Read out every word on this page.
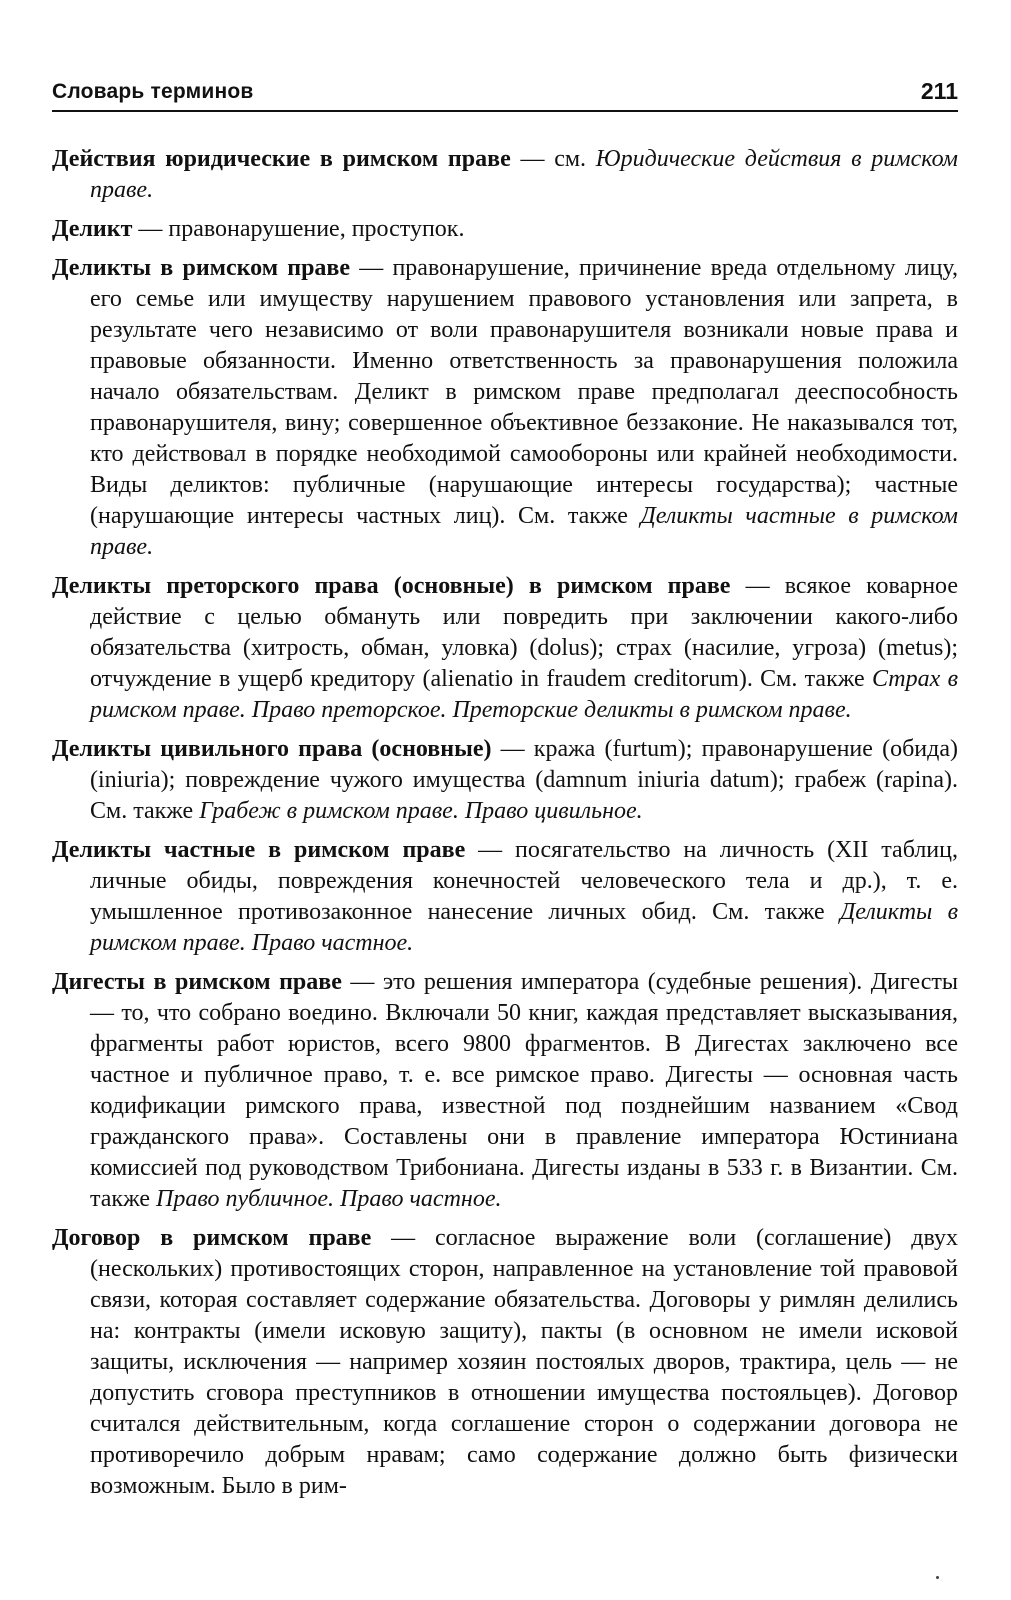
Словарь терминов	211

Действия юридические в римском праве — см. Юридические действия в римском праве.

Деликт — правонарушение, проступок.

Деликты в римском праве — правонарушение, причинение вреда отдельному лицу, его семье или имуществу нарушением правового установления или запрета, в результате чего независимо от воли правонарушителя возникали новые права и правовые обязанности. Именно ответственность за правонарушения положила начало обязательствам. Деликт в римском праве предполагал дееспособность правонарушителя, вину; совершенное объективное беззаконие. Не наказывался тот, кто действовал в порядке необходимой самообороны или крайней необходимости. Виды деликтов: публичные (нарушающие интересы государства); частные (нарушающие интересы частных лиц). См. также Деликты частные в римском праве.

Деликты преторского права (основные) в римском праве — всякое коварное действие с целью обмануть или повредить при заключении какого-либо обязательства (хитрость, обман, уловка) (dolus); страх (насилие, угроза) (metus); отчуждение в ущерб кредитору (alienatio in fraudem creditorum). См. также Страх в римском праве. Право преторское. Преторские деликты в римском праве.

Деликты цивильного права (основные) — кража (furtum); правонарушение (обида) (iniuria); повреждение чужого имущества (damnum iniuria datum); грабеж (rapina). См. также Грабеж в римском праве. Право цивильное.

Деликты частные в римском праве — посягательство на личность (XII таблиц, личные обиды, повреждения конечностей человеческого тела и др.), т. е. умышленное противозаконное нанесение личных обид. См. также Деликты в римском праве. Право частное.

Дигесты в римском праве — это решения императора (судебные решения). Дигесты — то, что собрано воедино. Включали 50 книг, каждая представляет высказывания, фрагменты работ юристов, всего 9800 фрагментов. В Дигестах заключено все частное и публичное право, т. е. все римское право. Дигесты — основная часть кодификации римского права, известной под позднейшим названием «Свод гражданского права». Составлены они в правление императора Юстиниана комиссией под руководством Трибониана. Дигесты изданы в 533 г. в Византии. См. также Право публичное. Право частное.

Договор в римском праве — согласное выражение воли (соглашение) двух (нескольких) противостоящих сторон, направленное на установление той правовой связи, которая составляет содержание обязательства. Договоры у римлян делились на: контракты (имели исковую защиту), пакты (в основном не имели исковой защиты, исключения — например хозяин постоялых дворов, трактира, цель — не допустить сговора преступников в отношении имущества постояльцев). Договор считался действительным, когда соглашение сторон о содержании договора не противоречило добрым нравам; само содержание должно быть физически возможным. Было в рим-
